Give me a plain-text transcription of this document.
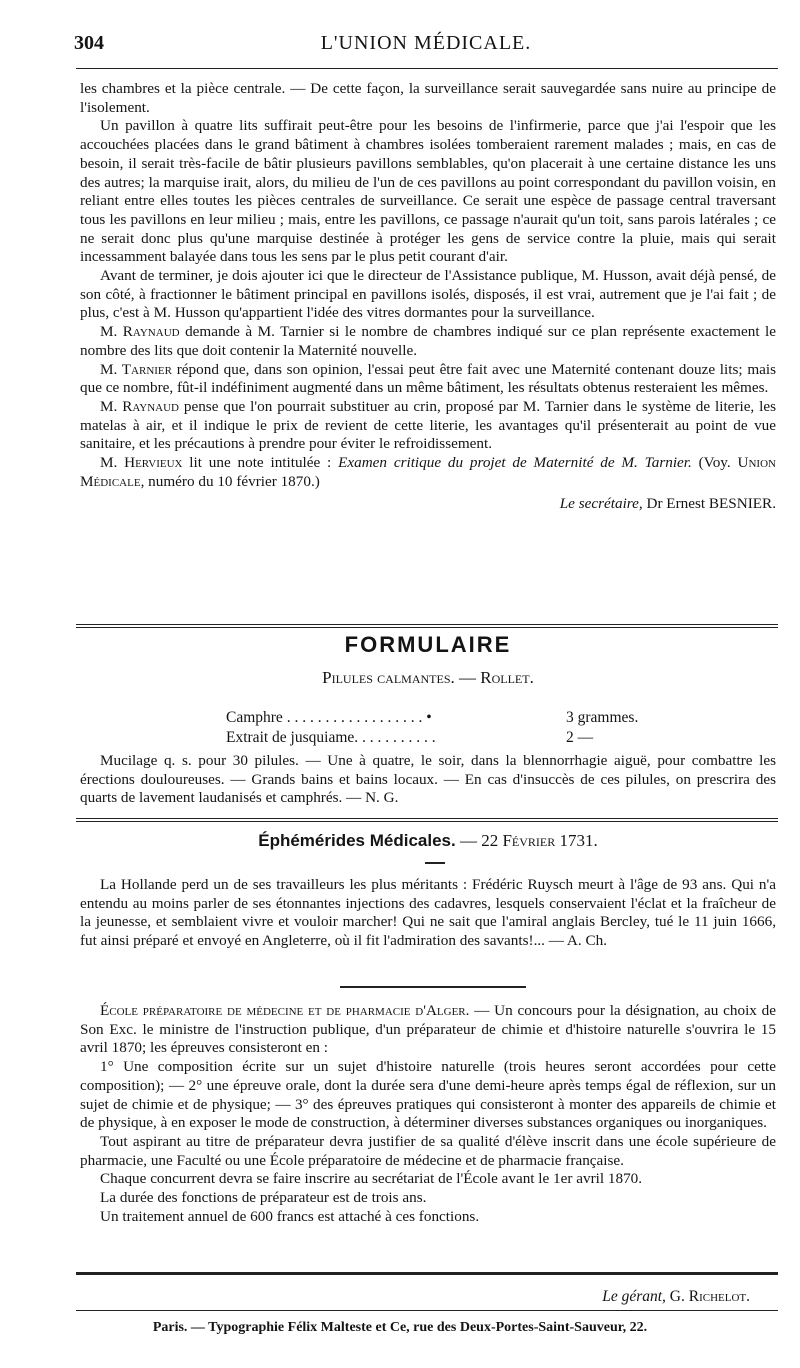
304	L'UNION MÉDICALE.

les chambres et la pièce centrale. — De cette façon, la surveillance serait sauvegardée sans nuire au principe de l'isolement.

Un pavillon à quatre lits suffirait peut-être pour les besoins de l'infirmerie, parce que j'ai l'espoir que les accouchées placées dans le grand bâtiment à chambres isolées tomberaient rarement malades ; mais, en cas de besoin, il serait très-facile de bâtir plusieurs pavillons semblables, qu'on placerait à une certaine distance les uns des autres; la marquise irait, alors, du milieu de l'un de ces pavillons au point correspondant du pavillon voisin, en reliant entre elles toutes les pièces centrales de surveillance. Ce serait une espèce de passage central traversant tous les pavillons en leur milieu ; mais, entre les pavillons, ce passage n'aurait qu'un toit, sans parois latérales ; ce ne serait donc plus qu'une marquise destinée à protéger les gens de service contre la pluie, mais qui serait incessamment balayée dans tous les sens par le plus petit courant d'air.

Avant de terminer, je dois ajouter ici que le directeur de l'Assistance publique, M. Husson, avait déjà pensé, de son côté, à fractionner le bâtiment principal en pavillons isolés, disposés, il est vrai, autrement que je l'ai fait ; de plus, c'est à M. Husson qu'appartient l'idée des vitres dormantes pour la surveillance.

M. Raynaud demande à M. Tarnier si le nombre de chambres indiqué sur ce plan représente exactement le nombre des lits que doit contenir la Maternité nouvelle.

M. Tarnier répond que, dans son opinion, l'essai peut être fait avec une Maternité contenant douze lits; mais que ce nombre, fût-il indéfiniment augmenté dans un même bâtiment, les résultats obtenus resteraient les mêmes.

M. Raynaud pense que l'on pourrait substituer au crin, proposé par M. Tarnier dans le système de literie, les matelas à air, et il indique le prix de revient de cette literie, les avantages qu'il présenterait au point de vue sanitaire, et les précautions à prendre pour éviter le refroidissement.

M. Hervieux lit une note intitulée : Examen critique du projet de Maternité de M. Tarnier. (Voy. Union Médicale, numéro du 10 février 1870.)

Le secrétaire, Dr Ernest BESNIER.

FORMULAIRE
Pilules calmantes. — Rollet.
Camphre . . . . . . . . . . . . . . . . . . •	3 grammes.
Extrait de jusquiame. . . . . . . . . . .	2 —

Mucilage q. s. pour 30 pilules. — Une à quatre, le soir, dans la blennorrhagie aiguë, pour combattre les érections douloureuses. — Grands bains et bains locaux. — En cas d'insuccès de ces pilules, on prescrira des quarts de lavement laudanisés et camphrés. — N. G.

Éphémérides Médicales. — 22 Février 1731.

La Hollande perd un de ses travailleurs les plus méritants : Frédéric Ruysch meurt à l'âge de 93 ans. Qui n'a entendu au moins parler de ses étonnantes injections des cadavres, lesquels conservaient l'éclat et la fraîcheur de la jeunesse, et semblaient vivre et vouloir marcher! Qui ne sait que l'amiral anglais Bercley, tué le 11 juin 1666, fut ainsi préparé et envoyé en Angleterre, où il fit l'admiration des savants!... — A. Ch.

École préparatoire de médecine et de pharmacie d'Alger. — Un concours pour la désignation, au choix de Son Exc. le ministre de l'instruction publique, d'un préparateur de chimie et d'histoire naturelle s'ouvrira le 15 avril 1870; les épreuves consisteront en :

1° Une composition écrite sur un sujet d'histoire naturelle (trois heures seront accordées pour cette composition); — 2° une épreuve orale, dont la durée sera d'une demi-heure après temps égal de réflexion, sur un sujet de chimie et de physique; — 3° des épreuves pratiques qui consisteront à monter des appareils de chimie et de physique, à en exposer le mode de construction, à déterminer diverses substances organiques ou inorganiques.

Tout aspirant au titre de préparateur devra justifier de sa qualité d'élève inscrit dans une école supérieure de pharmacie, une Faculté ou une École préparatoire de médecine et de pharmacie française.

Chaque concurrent devra se faire inscrire au secrétariat de l'École avant le 1er avril 1870.

La durée des fonctions de préparateur est de trois ans.

Un traitement annuel de 600 francs est attaché à ces fonctions.

Le gérant, G. Richelot.
Paris. — Typographie Félix Malteste et Ce, rue des Deux-Portes-Saint-Sauveur, 22.
